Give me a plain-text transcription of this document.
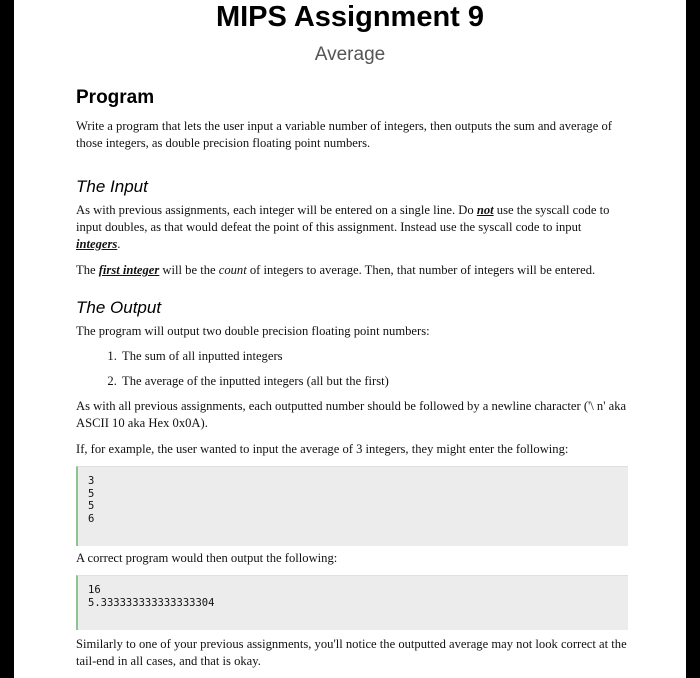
MIPS Assignment 9
Average
Program

Write a program that lets the user input a variable number of integers, then outputs the sum and average of those integers, as double precision floating point numbers.

The Input

As with previous assignments, each integer will be entered on a single line. Do not use the syscall code to input doubles, as that would defeat the point of this assignment. Instead use the syscall code to input integers.

The first integer will be the count of integers to average. Then, that number of integers will be entered.

The Output

The program will output two double precision floating point numbers:

1. The sum of all inputted integers
2. The average of the inputted integers (all but the first)

As with all previous assignments, each outputted number should be followed by a newline character ('\ n' aka ASCII 10 aka Hex 0x0A).

If, for example, the user wanted to input the average of 3 integers, they might enter the following:

3
5
5
6

A correct program would then output the following:

16
5.333333333333333304

Similarly to one of your previous assignments, you'll notice the outputted average may not look correct at the tail-end in all cases, and that is okay.
